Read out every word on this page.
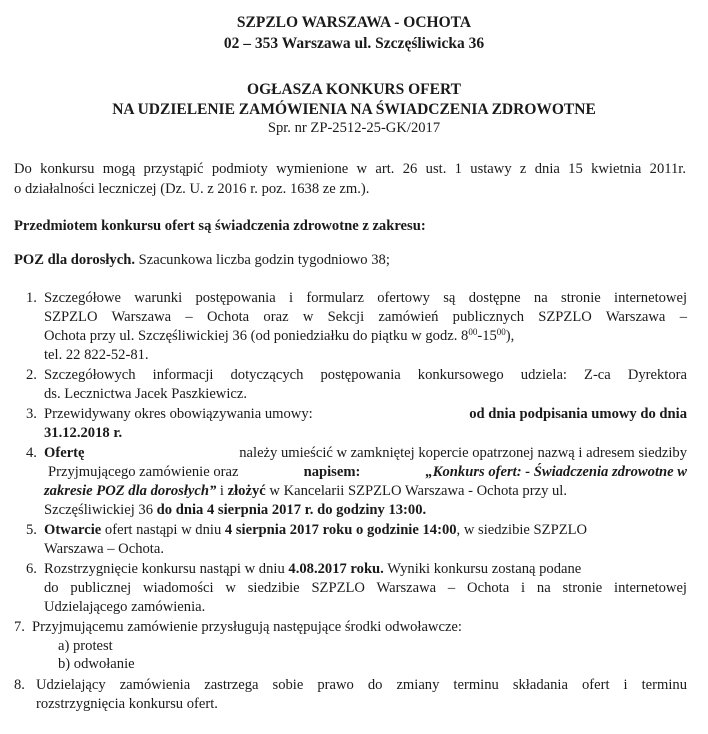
SZPZLO WARSZAWA - OCHOTA
02 – 353 Warszawa ul. Szczęśliwicka 36
OGŁASZA KONKURS OFERT
NA UDZIELENIE ZAMÓWIENIA NA ŚWIADCZENIA ZDROWOTNE
Spr. nr ZP-2512-25-GK/2017
Do konkursu mogą przystąpić podmioty wymienione w art. 26 ust. 1 ustawy z dnia 15 kwietnia 2011r.
o działalności leczniczej (Dz. U. z 2016 r. poz. 1638 ze zm.).
Przedmiotem konkursu ofert są świadczenia zdrowotne z zakresu:
POZ dla dorosłych. Szacunkowa liczba godzin tygodniowo 38;
1. Szczegółowe warunki postępowania i formularz ofertowy są dostępne na stronie internetowej
SZPZLO Warszawa – Ochota oraz w Sekcji zamówień publicznych SZPZLO Warszawa –
Ochota przy ul. Szczęśliwickiej 36 (od poniedziałku do piątku w godz. $8^{00}-15^{00}$),
tel. 22 822-52-81.
2. Szczegółowych informacji dotyczących postępowania konkursowego udziela: Z-ca Dyrektora
ds. Lecznictwa Jacek Paszkiewicz.
3. Przewidywany okres obowiązywania umowy:	od dnia podpisania umowy do dnia
31.12.2018 r.
4. Ofertę	należy umieścić w zamkniętej kopercie opatrzonej nazwą i adresem siedziby
Przyjmującego zamówienie oraz	napisem:	„Konkurs ofert: - Świadczenia zdrowotne w
zakresie POZ dla dorosłych” i złożyć w Kancelarii SZPZLO Warszawa - Ochota przy ul.
Szczęśliwickiej 36 do dnia 4 sierpnia 2017 r. do godziny 13:00.
5. Otwarcie ofert nastąpi w dniu 4 sierpnia 2017 roku o godzinie 14:00, w siedzibie SZPZLO
Warszawa – Ochota.
6. Rozstrzygnięcie konkursu nastąpi w dniu 4.08.2017 roku. Wyniki konkursu zostaną podane
do publicznej wiadomości w siedzibie SZPZLO Warszawa – Ochota i na stronie internetowej
Udzielającego zamówienia.
7. Przyjmującemu zamówienie przysługują następujące środki odwoławcze:
a) protest
b) odwołanie
8. Udzielający zamówienia zastrzega sobie prawo do zmiany terminu składania ofert i terminu
rozstrzygnięcia konkursu ofert.
